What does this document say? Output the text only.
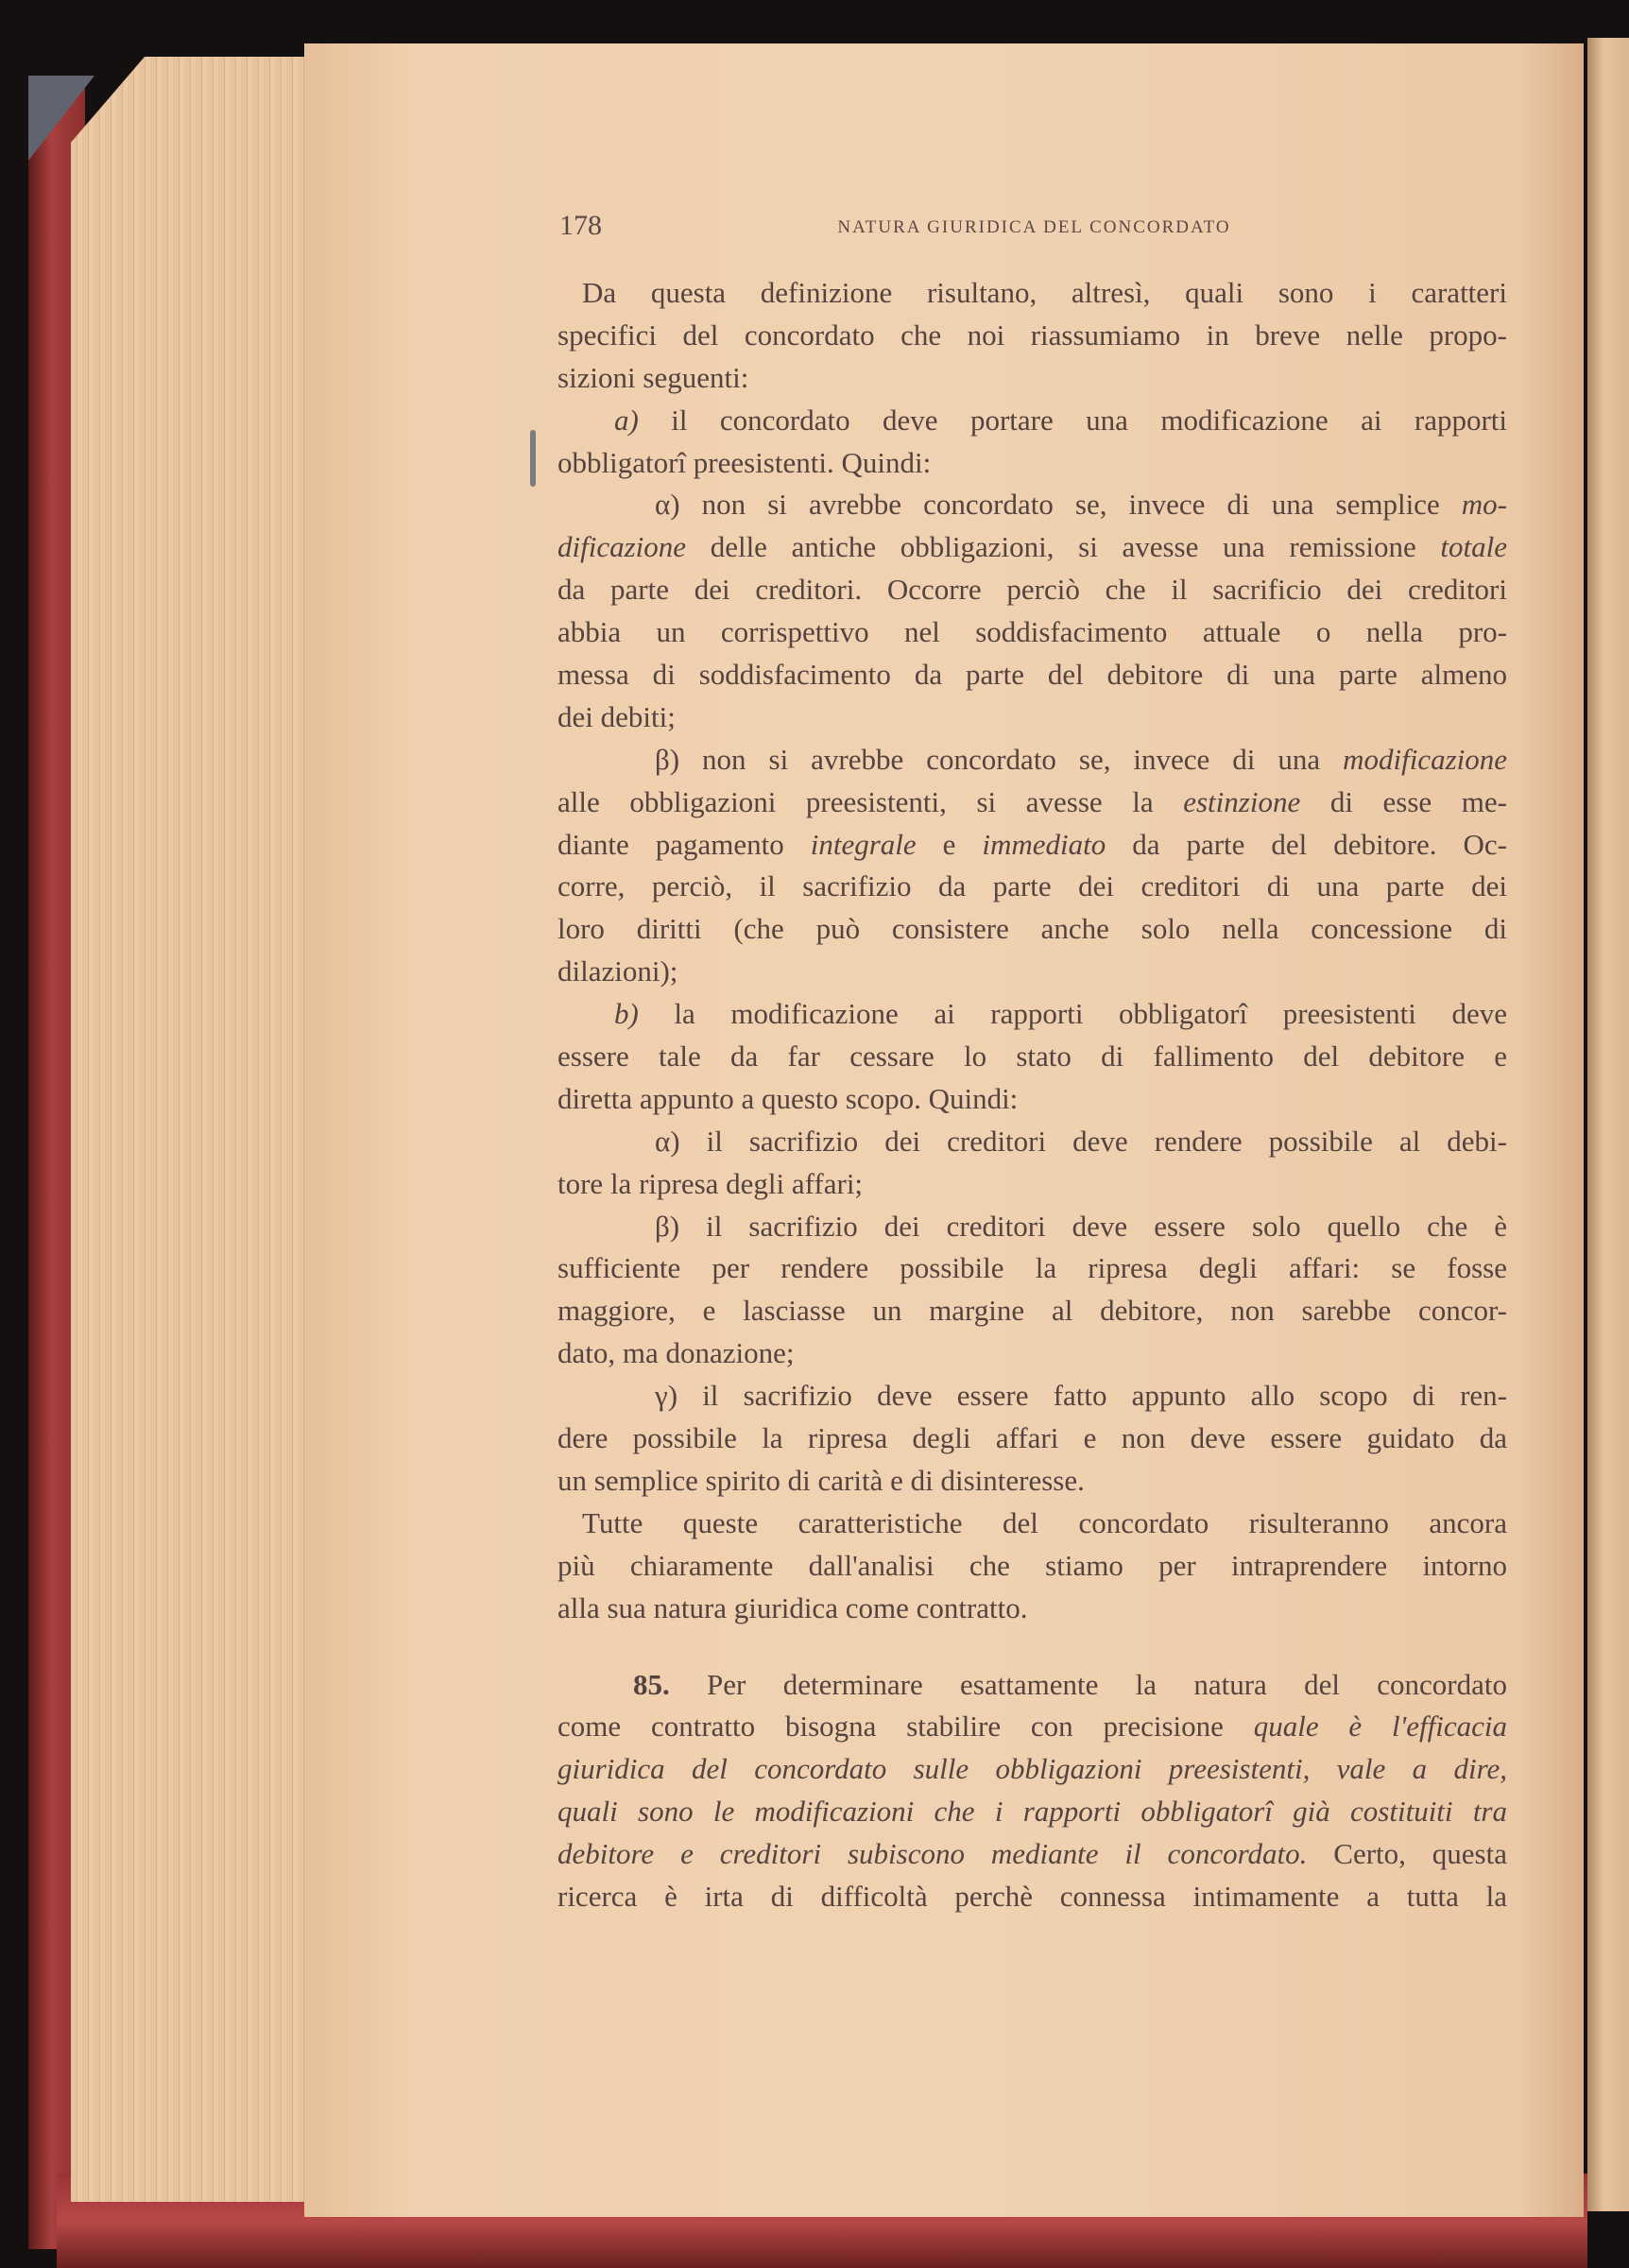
178	NATURA GIURIDICA DEL CONCORDATO
Da questa definizione risultano, altresì, quali sono i caratteri
specifici del concordato che noi riassumiamo in breve nelle propo-
sizioni seguenti:
a) il concordato deve portare una modificazione ai rapporti
obbligatorî preesistenti. Quindi:
α) non si avrebbe concordato se, invece di una semplice mo-
dificazione delle antiche obbligazioni, si avesse una remissione totale
da parte dei creditori. Occorre perciò che il sacrificio dei creditori
abbia un corrispettivo nel soddisfacimento attuale o nella pro-
messa di soddisfacimento da parte del debitore di una parte almeno
dei debiti;
β) non si avrebbe concordato se, invece di una modificazione
alle obbligazioni preesistenti, si avesse la estinzione di esse me-
diante pagamento integrale e immediato da parte del debitore. Oc-
corre, perciò, il sacrifizio da parte dei creditori di una parte dei
loro diritti (che può consistere anche solo nella concessione di
dilazioni);
b) la modificazione ai rapporti obbligatorî preesistenti deve
essere tale da far cessare lo stato di fallimento del debitore e
diretta appunto a questo scopo. Quindi:
α) il sacrifizio dei creditori deve rendere possibile al debi-
tore la ripresa degli affari;
β) il sacrifizio dei creditori deve essere solo quello che è
sufficiente per rendere possibile la ripresa degli affari: se fosse
maggiore, e lasciasse un margine al debitore, non sarebbe concor-
dato, ma donazione;
γ) il sacrifizio deve essere fatto appunto allo scopo di ren-
dere possibile la ripresa degli affari e non deve essere guidato da
un semplice spirito di carità e di disinteresse.
Tutte queste caratteristiche del concordato risulteranno ancora
più chiaramente dall'analisi che stiamo per intraprendere intorno
alla sua natura giuridica come contratto.
85. Per determinare esattamente la natura del concordato
come contratto bisogna stabilire con precisione quale è l'efficacia
giuridica del concordato sulle obbligazioni preesistenti, vale a dire,
quali sono le modificazioni che i rapporti obbligatorî già costituiti tra
debitore e creditori subiscono mediante il concordato. Certo, questa
ricerca è irta di difficoltà perchè connessa intimamente a tutta la
